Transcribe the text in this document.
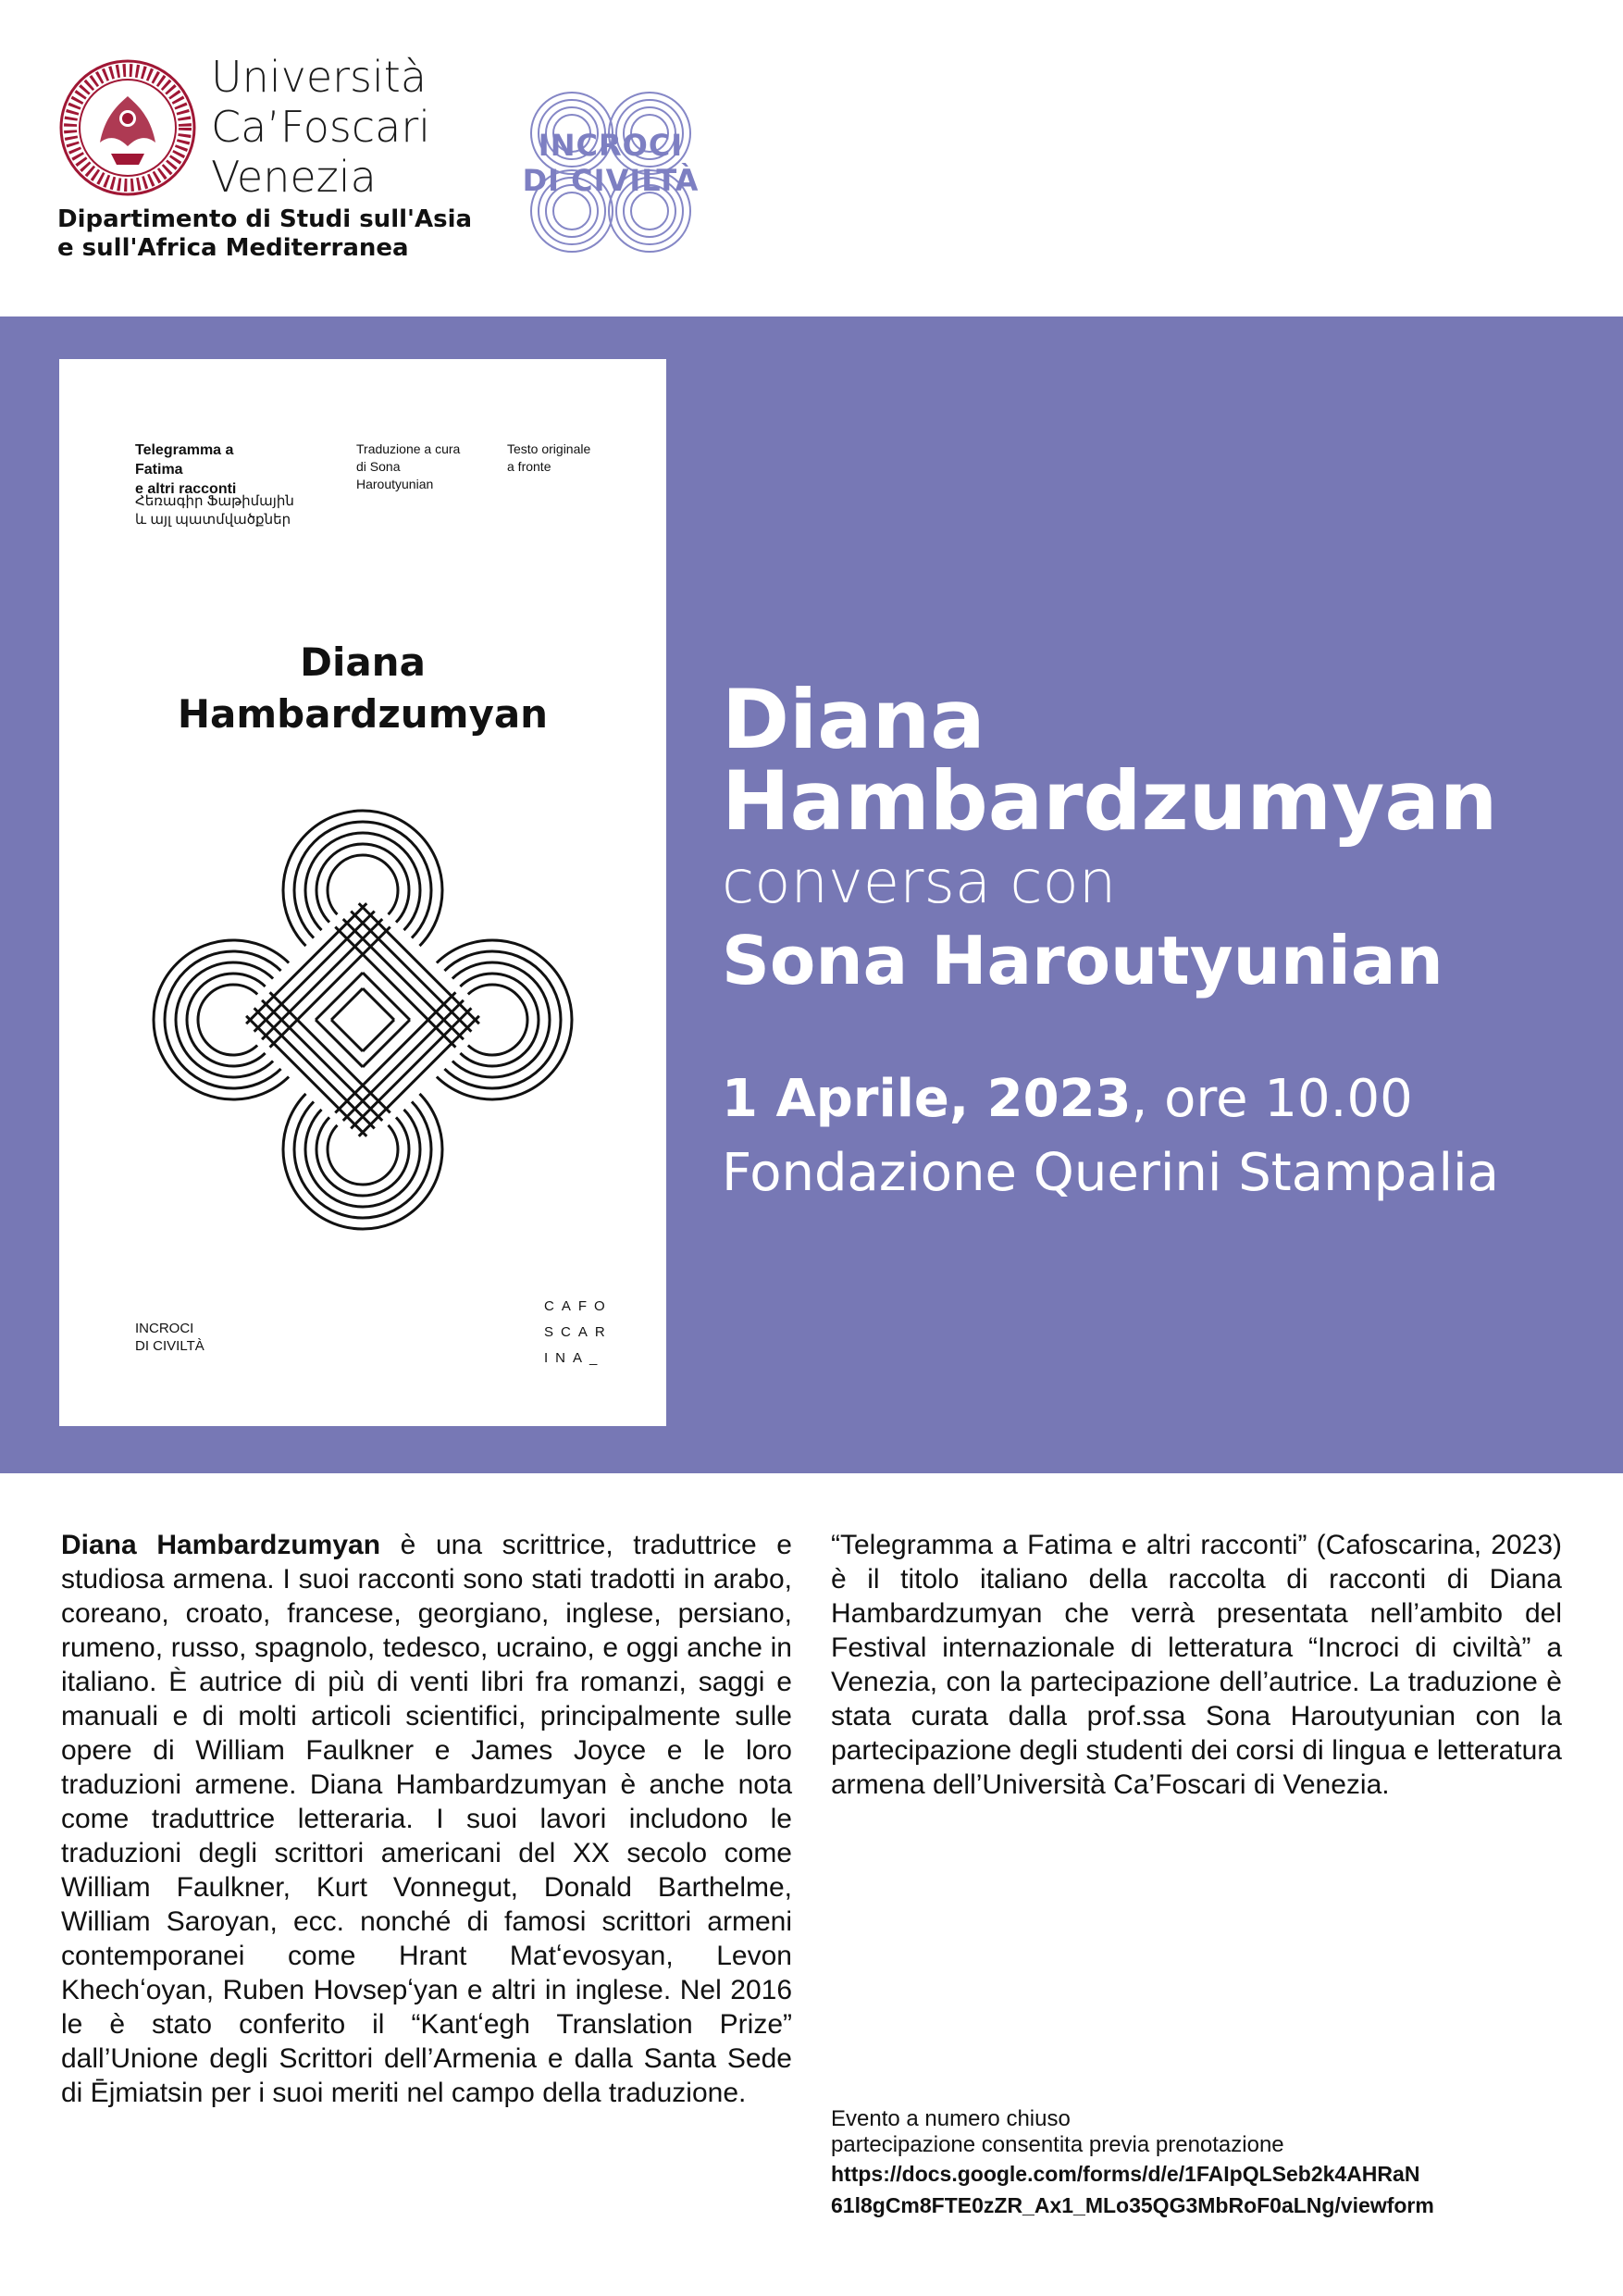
Università
Ca’Foscari
Venezia
Dipartimento di Studi sull'Asia
e sull'Africa Mediterranea
INCROCI
DI CIVILTÀ
Telegramma a Fatima
e altri racconti
Հեռագիր Ֆաթիմային
և այլ պատմվածքներ
Traduzione a cura
di Sona
Haroutyunian
Testo originale
a fronte
Diana
Hambardzumyan
INCROCI
DI CIVILTÀ
CAFO
SCAR
INA_
Diana
Hambardzumyan
conversa con
Sona Haroutyunian
1 Aprile, 2023, ore 10.00
Fondazione Querini Stampalia
Diana Hambardzumyan è una scrittrice, traduttrice e studiosa armena. I suoi racconti sono stati tradotti in arabo, coreano, croato, francese, georgiano, inglese, persiano, rumeno, russo, spagnolo, tedesco, ucraino, e oggi anche in italiano. È autrice di più di venti libri fra romanzi, saggi e manuali e di molti articoli scientifici, principalmente sulle opere di William Faulkner e James Joyce e le loro traduzioni armene. Diana Hambardzumyan è anche nota come traduttrice letteraria. I suoi lavori includono le traduzioni degli scrittori americani del XX secolo come William Faulkner, Kurt Vonnegut, Donald Barthelme, William Saroyan, ecc. nonché di famosi scrittori armeni contemporanei come Hrant Matʻevosyan, Levon Khechʻoyan, Ruben Hovsepʻyan e altri in inglese. Nel 2016 le è stato conferito il “Kantʻegh Translation Prize” dall’Unione degli Scrittori dell’Armenia e dalla Santa Sede di Ējmiatsin per i suoi meriti nel campo della traduzione.
“Telegramma a Fatima e altri racconti” (Cafoscarina, 2023) è il titolo italiano della raccolta di racconti di Diana Hambardzumyan che verrà presentata nell’ambito del Festival internazionale di letteratura “Incroci di civiltà” a Venezia, con la partecipazione dell’autrice. La traduzione è stata curata dalla prof.ssa Sona Haroutyunian con la partecipazione degli studenti dei corsi di lingua e letteratura armena dell’Università Ca’Foscari di Venezia.
Evento a numero chiuso
partecipazione consentita previa prenotazione
https://docs.google.com/forms/d/e/1FAIpQLSeb2k4AHRaN
61l8gCm8FTE0zZR_Ax1_MLo35QG3MbRoF0aLNg/viewform
